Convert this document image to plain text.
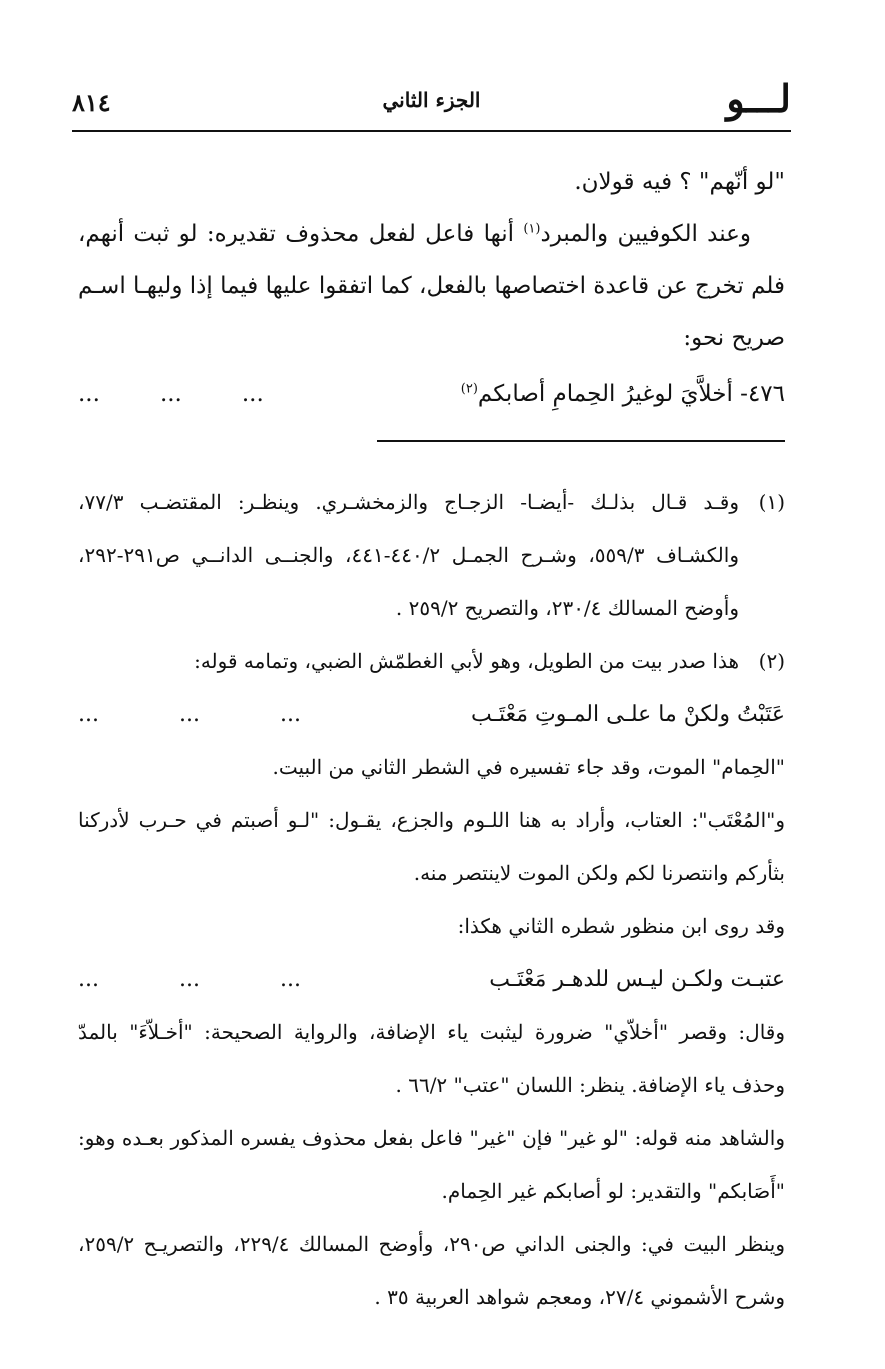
لـــو
الجزء الثاني
٨١٤

"لو أنّهم" ؟ فيه قولان.

وعند الكوفيين والمبرد$^{(١)}$ أنها فاعل لفعل محذوف تقديره: لو ثبت أنهم، فلم تخرج عن قاعدة اختصاصها بالفعل، كما اتفقوا عليها فيما إذا وليهـا اسـم صريح نحو:

٤٧٦- أخلاَّيَ لوغيرُ الحِمامِ أصابكم$^{(٢)}$
.........
(١)

وقـد قـال بذلـك -أيضـا- الزجـاج والزمخشـري. وينظـر: المقتضـب ٧٧/٣، والكشـاف ٥٥٩/٣، وشـرح الجمـل ٤٤٠/٢-٤٤١، والجنــى الدانــي ص٢٩١-٢٩٢، وأوضح المسالك ٢٣٠/٤، والتصريح ٢٥٩/٢ .

(٢)

هذا صدر بيت من الطويل، وهو لأبي الغطمّش الضبي، وتمامه قوله:

عَتَبْتُ ولكنْ ما علـى المـوتِ مَعْتَـب
.........

"الحِمام" الموت، وقد جاء تفسيره في الشطر الثاني من البيت.

و"المُعْتَب": العتاب، وأراد به هنا اللـوم والجزع، يقـول: "لـو أصبتم في حـرب لأدركنا بثأركم وانتصرنا لكم ولكن الموت لاينتصر منه.

وقد روى ابن منظور شطره الثاني هكذا:

عتبـت ولكـن ليـس للدهـر مَعْتَـب
.........

وقال: وقصر "أخلاّي" ضرورة ليثبت ياء الإضافة، والرواية الصحيحة: "أخـلاّءَ" بالمدّ وحذف ياء الإضافة. ينظر: اللسان "عتب" ٦٦/٢ .

والشاهد منه قوله: "لو غير" فإن "غير" فاعل بفعل محذوف يفسره المذكور بعـده وهو: "أَصَابكم" والتقدير: لو أصابكم غير الحِمام.

وينظر البيت في: والجنى الداني ص٢٩٠، وأوضح المسالك ٢٢٩/٤، والتصريـح ٢٥٩/٢، وشرح الأشموني ٢٧/٤، ومعجم شواهد العربية ٣٥ .
